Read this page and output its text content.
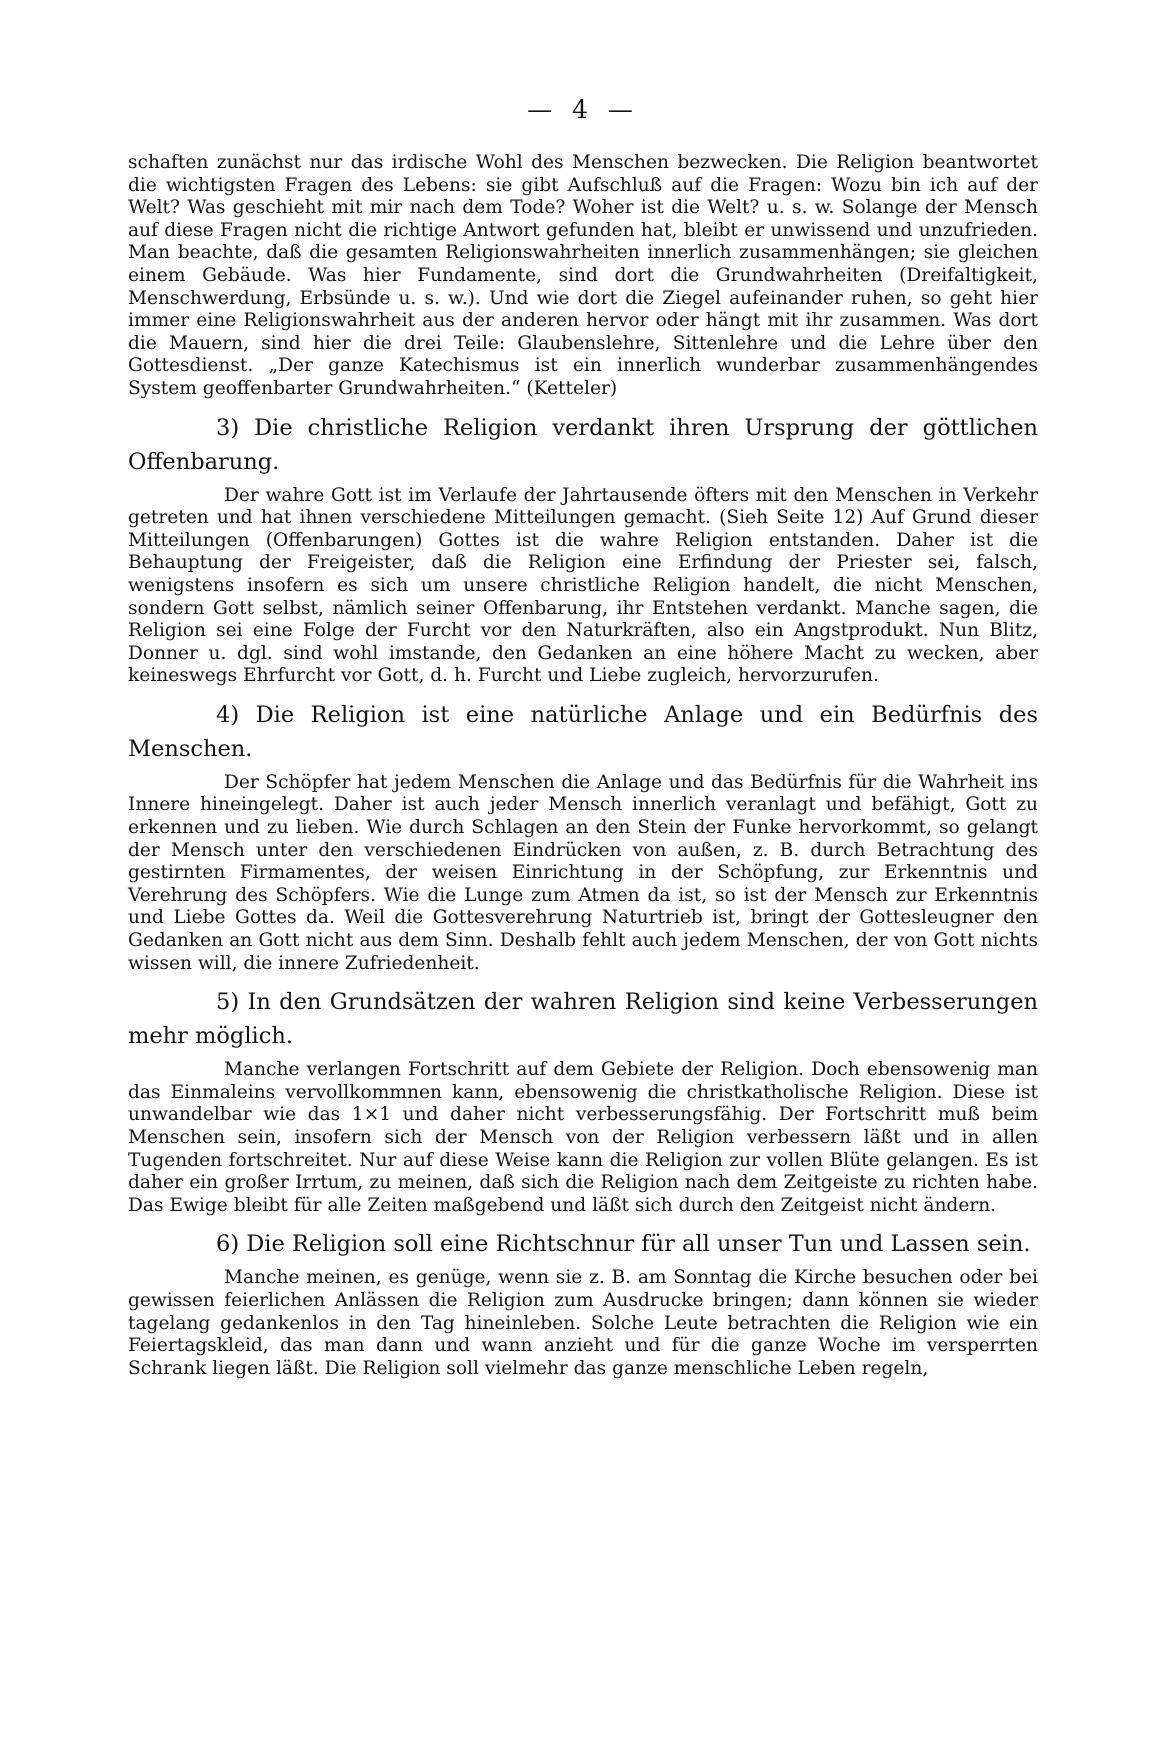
— 4 —

schaften zunächst nur das irdische Wohl des Menschen bezwecken. Die Religion beantwortet die wichtigsten Fragen des Lebens: sie gibt Aufschluß auf die Fragen: Wozu bin ich auf der Welt? Was geschieht mit mir nach dem Tode? Woher ist die Welt? u. s. w. Solange der Mensch auf diese Fragen nicht die richtige Antwort gefunden hat, bleibt er unwissend und unzufrieden. Man beachte, daß die gesamten Religionswahrheiten innerlich zusammenhängen; sie gleichen einem Gebäude. Was hier Fundamente, sind dort die Grundwahrheiten (Dreifaltigkeit, Menschwerdung, Erbsünde u. s. w.). Und wie dort die Ziegel aufeinander ruhen, so geht hier immer eine Religionswahrheit aus der anderen hervor oder hängt mit ihr zusammen. Was dort die Mauern, sind hier die drei Teile: Glaubenslehre, Sittenlehre und die Lehre über den Gottesdienst. „Der ganze Katechismus ist ein innerlich wunderbar zusammenhängendes System geoffenbarter Grundwahrheiten.“ (Ketteler)

3) Die christliche Religion verdankt ihren Ursprung der göttlichen Offenbarung.

Der wahre Gott ist im Verlaufe der Jahrtausende öfters mit den Menschen in Verkehr getreten und hat ihnen verschiedene Mitteilungen gemacht. (Sieh Seite 12) Auf Grund dieser Mitteilungen (Offenbarungen) Gottes ist die wahre Religion entstanden. Daher ist die Behauptung der Freigeister, daß die Religion eine Erfindung der Priester sei, falsch, wenigstens insofern es sich um unsere christliche Religion handelt, die nicht Menschen, sondern Gott selbst, nämlich seiner Offenbarung, ihr Entstehen verdankt. Manche sagen, die Religion sei eine Folge der Furcht vor den Naturkräften, also ein Angstprodukt. Nun Blitz, Donner u. dgl. sind wohl imstande, den Gedanken an eine höhere Macht zu wecken, aber keineswegs Ehrfurcht vor Gott, d. h. Furcht und Liebe zugleich, hervorzurufen.

4) Die Religion ist eine natürliche Anlage und ein Bedürfnis des Menschen.

Der Schöpfer hat jedem Menschen die Anlage und das Bedürfnis für die Wahrheit ins Innere hineingelegt. Daher ist auch jeder Mensch innerlich veranlagt und befähigt, Gott zu erkennen und zu lieben. Wie durch Schlagen an den Stein der Funke hervorkommt, so gelangt der Mensch unter den verschiedenen Eindrücken von außen, z. B. durch Betrachtung des gestirnten Firmamentes, der weisen Einrichtung in der Schöpfung, zur Erkenntnis und Verehrung des Schöpfers. Wie die Lunge zum Atmen da ist, so ist der Mensch zur Erkenntnis und Liebe Gottes da. Weil die Gottesverehrung Naturtrieb ist, bringt der Gottesleugner den Gedanken an Gott nicht aus dem Sinn. Deshalb fehlt auch jedem Menschen, der von Gott nichts wissen will, die innere Zufriedenheit.

5) In den Grundsätzen der wahren Religion sind keine Verbesserungen mehr möglich.

Manche verlangen Fortschritt auf dem Gebiete der Religion. Doch ebensowenig man das Einmaleins vervollkommnen kann, ebensowenig die christkatholische Religion. Diese ist unwandelbar wie das 1×1 und daher nicht verbesserungsfähig. Der Fortschritt muß beim Menschen sein, insofern sich der Mensch von der Religion verbessern läßt und in allen Tugenden fortschreitet. Nur auf diese Weise kann die Religion zur vollen Blüte gelangen. Es ist daher ein großer Irrtum, zu meinen, daß sich die Religion nach dem Zeitgeiste zu richten habe. Das Ewige bleibt für alle Zeiten maßgebend und läßt sich durch den Zeitgeist nicht ändern.

6) Die Religion soll eine Richtschnur für all unser Tun und Lassen sein.

Manche meinen, es genüge, wenn sie z. B. am Sonntag die Kirche besuchen oder bei gewissen feierlichen Anlässen die Religion zum Ausdrucke bringen; dann können sie wieder tagelang gedankenlos in den Tag hineinleben. Solche Leute betrachten die Religion wie ein Feiertagskleid, das man dann und wann anzieht und für die ganze Woche im versperrten Schrank liegen läßt. Die Religion soll vielmehr das ganze menschliche Leben regeln,
